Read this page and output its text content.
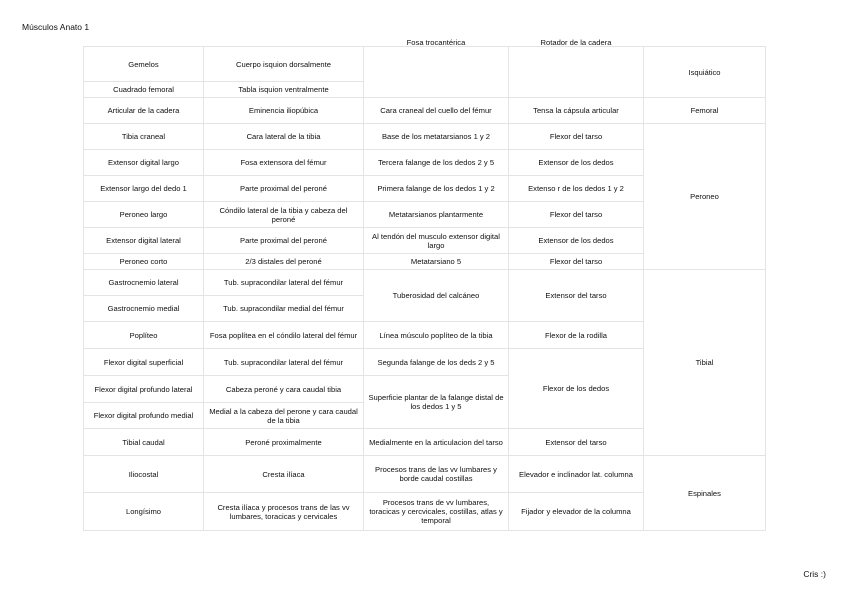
Músculos Anato 1
Gemelos	Cuerpo isquion dorsalmente	Fosa trocantérica	Rotador de la cadera	Isquiático
Cuadrado femoral	Tabla isquion ventralmente			
Articular de la cadera	Eminencia iliopúbica	Cara craneal del cuello del fémur	Tensa la cápsula articular	Femoral
Tibia craneal	Cara lateral de la tibia	Base de los metatarsianos 1 y 2	Flexor del tarso	Peroneo
Extensor digital largo	Fosa extensora del fémur	Tercera falange de los dedos 2 y 5	Extensor de los dedos	
Extensor largo del dedo 1	Parte proximal del peroné	Primera falange de los dedos 1 y 2	Extenso r de los dedos 1 y 2	
Peroneo largo	Cóndilo lateral de la tibia y cabeza del peroné	Metatarsianos plantarmente	Flexor del tarso	
Extensor digital lateral	Parte proximal del peroné	Al tendón del musculo extensor digital largo	Extensor de los dedos	
Peroneo corto	2/3 distales del peroné	Metatarsiano 5	Flexor del tarso	
Gastrocnemio lateral	Tub. supracondilar lateral del fémur	Tuberosidad del calcáneo	Extensor del tarso	Tibial
Gastrocnemio medial	Tub. supracondilar medial del fémur			
Poplíteo	Fosa poplítea en el cóndilo lateral del fémur	Línea músculo poplíteo de la tibia	Flexor de la rodilla	
Flexor digital superficial	Tub. supracondilar lateral del fémur	Segunda falange de los deds 2 y 5	Flexor de los dedos	
Flexor digital profundo lateral	Cabeza peroné y cara caudal tibia	Superficie plantar de la falange distal de los dedos 1 y 5		
Flexor digital profundo medial	Medial a la cabeza del perone y cara caudal de la tibia			
Tibial caudal	Peroné proximalmente	Medialmente en la articulacion del tarso	Extensor del tarso	
Iliocostal	Cresta ilíaca	Procesos trans de las vv lumbares y borde caudal costillas	Elevador e inclinador lat. columna	Espinales
Longísimo	Cresta ilíaca y procesos trans de las vv lumbares, toracicas y cervicales	Procesos trans de vv lumbares, toracicas y cercvicales, costillas, atlas y temporal	Fijador y elevador de la columna	
Cris :)
